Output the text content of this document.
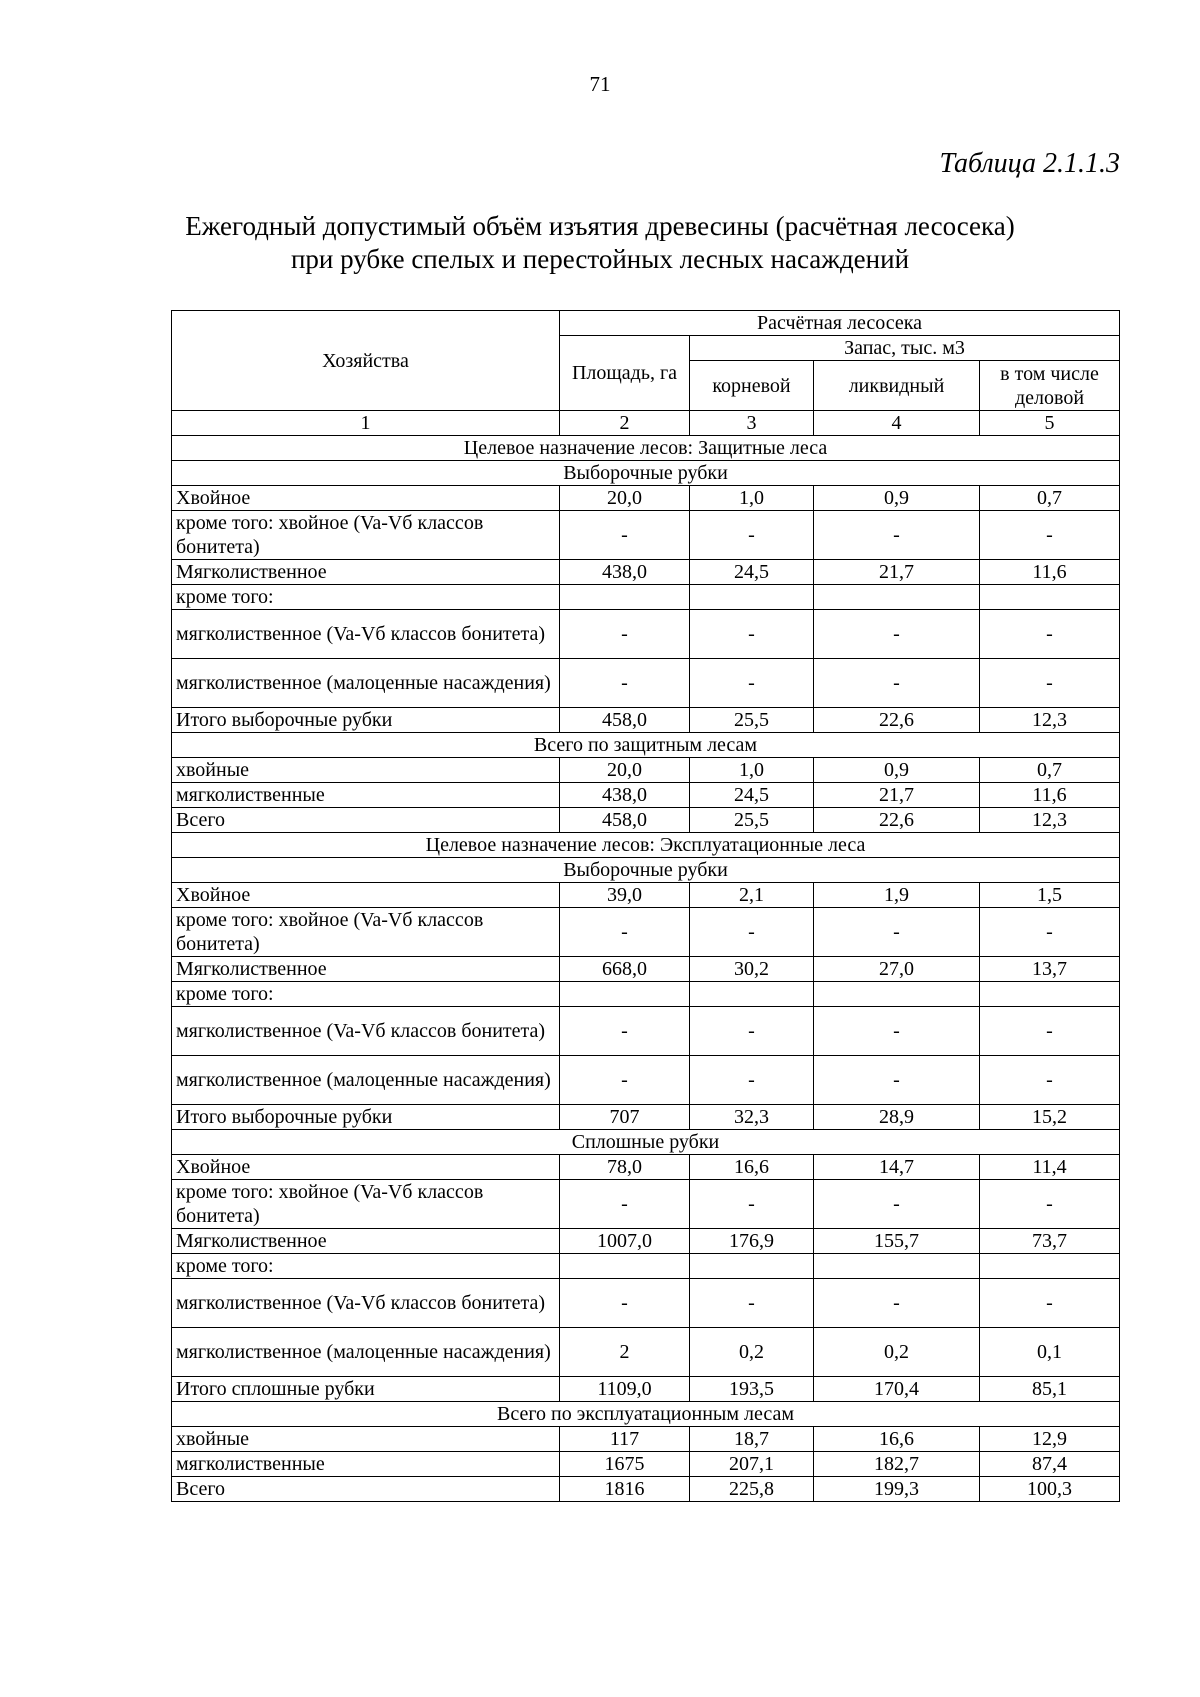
71
Таблица 2.1.1.3
Ежегодный допустимый объём изъятия древесины (расчётная лесосека)
при рубке спелых и перестойных лесных насаждений
Хозяйства	Расчётная лесосека			
	Площадь, га	Запас, тыс. м3		
		корневой	ликвидный	в том числе деловой
1	2	3	4	5
Целевое назначение лесов: Защитные леса				
Выборочные рубки				
Хвойное	20,0	1,0	0,9	0,7
кроме того: хвойное (Va-Vб классов бонитета)	-	-	-	-
Мягколиственное	438,0	24,5	21,7	11,6
кроме того:				
мягколиственное (Va-Vб классов бонитета)	-	-	-	-
мягколиственное (малоценные насаждения)	-	-	-	-
Итого выборочные рубки	458,0	25,5	22,6	12,3
Всего по защитным лесам				
хвойные	20,0	1,0	0,9	0,7
мягколиственные	438,0	24,5	21,7	11,6
Всего	458,0	25,5	22,6	12,3
Целевое назначение лесов: Эксплуатационные леса				
Выборочные рубки				
Хвойное	39,0	2,1	1,9	1,5
кроме того: хвойное (Va-Vб классов бонитета)	-	-	-	-
Мягколиственное	668,0	30,2	27,0	13,7
кроме того:				
мягколиственное (Va-Vб классов бонитета)	-	-	-	-
мягколиственное (малоценные насаждения)	-	-	-	-
Итого выборочные рубки	707	32,3	28,9	15,2
Сплошные рубки				
Хвойное	78,0	16,6	14,7	11,4
кроме того: хвойное (Va-Vб классов бонитета)	-	-	-	-
Мягколиственное	1007,0	176,9	155,7	73,7
кроме того:				
мягколиственное (Va-Vб классов бонитета)	-	-	-	-
мягколиственное (малоценные насаждения)	2	0,2	0,2	0,1
Итого сплошные рубки	1109,0	193,5	170,4	85,1
Всего по эксплуатационным лесам				
хвойные	117	18,7	16,6	12,9
мягколиственные	1675	207,1	182,7	87,4
Всего	1816	225,8	199,3	100,3
